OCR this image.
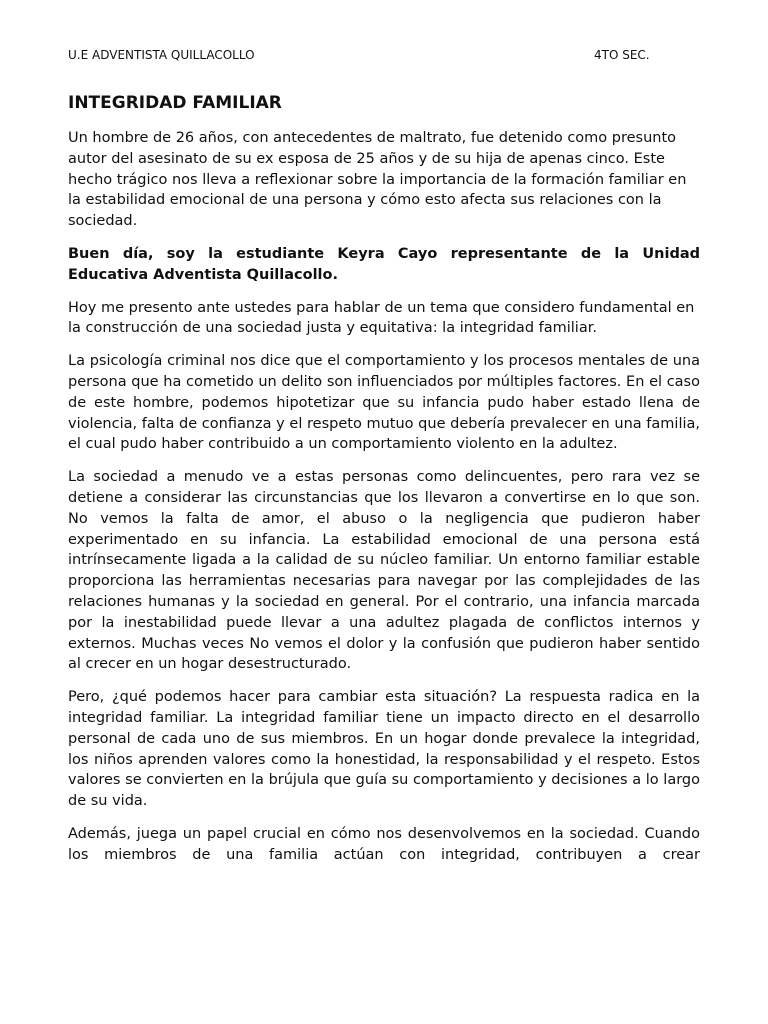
U.E ADVENTISTA QUILLACOLLO	4TO SEC.
INTEGRIDAD FAMILIAR

Un hombre de 26 años, con antecedentes de maltrato, fue detenido como presunto autor del asesinato de su ex esposa de 25 años y de su hija de apenas cinco. Este hecho trágico nos lleva a reflexionar sobre la importancia de la formación familiar en la estabilidad emocional de una persona y cómo esto afecta sus relaciones con la sociedad.

Buen día, soy la estudiante Keyra Cayo representante de la Unidad Educativa Adventista Quillacollo.

Hoy me presento ante ustedes para hablar de un tema que considero fundamental en la construcción de una sociedad justa y equitativa: la integridad familiar.

La psicología criminal nos dice que el comportamiento y los procesos mentales de una persona que ha cometido un delito son influenciados por múltiples factores. En el caso de este hombre, podemos hipotetizar que su infancia pudo haber estado llena de violencia, falta de confianza y el respeto mutuo que debería prevalecer en una familia, el cual pudo haber contribuido a un comportamiento violento en la adultez.

La sociedad a menudo ve a estas personas como delincuentes, pero rara vez se detiene a considerar las circunstancias que los llevaron a convertirse en lo que son. No vemos la falta de amor, el abuso o la negligencia que pudieron haber experimentado en su infancia. La estabilidad emocional de una persona está intrínsecamente ligada a la calidad de su núcleo familiar. Un entorno familiar estable proporciona las herramientas necesarias para navegar por las complejidades de las relaciones humanas y la sociedad en general. Por el contrario, una infancia marcada por la inestabilidad puede llevar a una adultez plagada de conflictos internos y externos. Muchas veces No vemos el dolor y la confusión que pudieron haber sentido al crecer en un hogar desestructurado.

Pero, ¿qué podemos hacer para cambiar esta situación? La respuesta radica en la integridad familiar. La integridad familiar tiene un impacto directo en el desarrollo personal de cada uno de sus miembros. En un hogar donde prevalece la integridad, los niños aprenden valores como la honestidad, la responsabilidad y el respeto. Estos valores se convierten en la brújula que guía su comportamiento y decisiones a lo largo de su vida.

Además, juega un papel crucial en cómo nos desenvolvemos en la sociedad. Cuando los miembros de una familia actúan con integridad, contribuyen a crear
